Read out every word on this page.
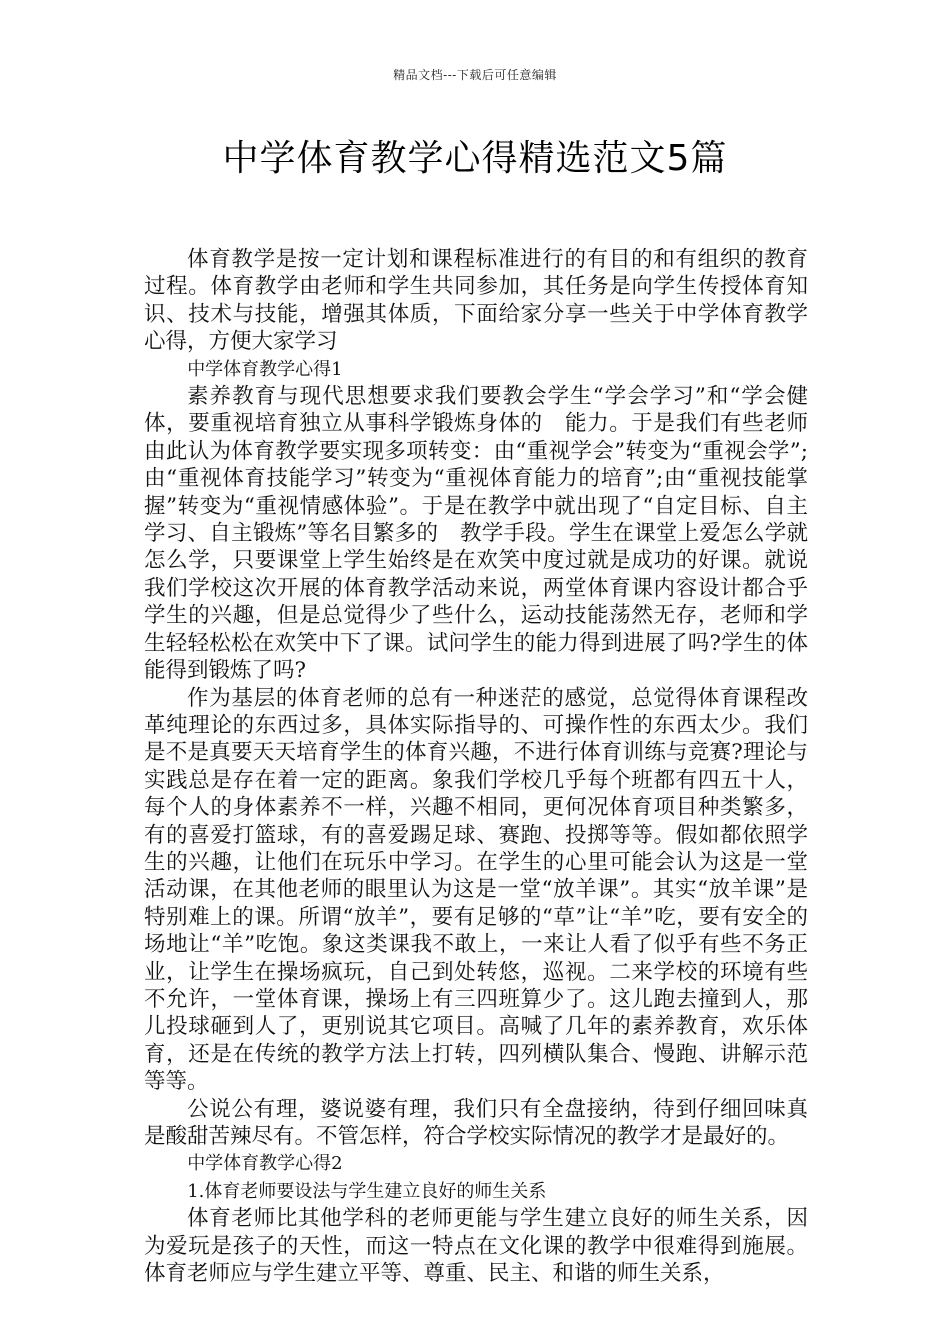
精品文档---下载后可任意编辑
中学体育教学心得精选范文5篇

体育教学是按一定计划和课程标准进行的有目的和有组织的教育过程。体育教学由老师和学生共同参加，其任务是向学生传授体育知识、技术与技能，增强其体质，下面给家分享一些关于中学体育教学心得，方便大家学习

中学体育教学心得1

素养教育与现代思想要求我们要教会学生“学会学习”和“学会健体，要重视培育独立从事科学锻炼身体的　能力。于是我们有些老师由此认为体育教学要实现多项转变：由“重视学会”转变为“重视会学”;由“重视体育技能学习”转变为“重视体育能力的培育”;由“重视技能掌握”转变为“重视情感体验”。于是在教学中就出现了“自定目标、自主学习、自主锻炼”等名目繁多的　教学手段。学生在课堂上爱怎么学就怎么学，只要课堂上学生始终是在欢笑中度过就是成功的好课。就说我们学校这次开展的体育教学活动来说，两堂体育课内容设计都合乎学生的兴趣，但是总觉得少了些什么，运动技能荡然无存，老师和学生轻轻松松在欢笑中下了课。试问学生的能力得到进展了吗?学生的体能得到锻炼了吗?

作为基层的体育老师的总有一种迷茫的感觉，总觉得体育课程改革纯理论的东西过多，具体实际指导的、可操作性的东西太少。我们是不是真要天天培育学生的体育兴趣，不进行体育训练与竞赛?理论与实践总是存在着一定的距离。象我们学校几乎每个班都有四五十人，每个人的身体素养不一样，兴趣不相同，更何况体育项目种类繁多，有的喜爱打篮球，有的喜爱踢足球、赛跑、投掷等等。假如都依照学生的兴趣，让他们在玩乐中学习。在学生的心里可能会认为这是一堂活动课，在其他老师的眼里认为这是一堂“放羊课”。其实“放羊课”是特别难上的课。所谓“放羊”，要有足够的“草”让“羊”吃，要有安全的场地让“羊”吃饱。象这类课我不敢上，一来让人看了似乎有些不务正业，让学生在操场疯玩，自己到处转悠，巡视。二来学校的环境有些不允许，一堂体育课，操场上有三四班算少了。这儿跑去撞到人，那儿投球砸到人了，更别说其它项目。高喊了几年的素养教育，欢乐体育，还是在传统的教学方法上打转，四列横队集合、慢跑、讲解示范等等。

公说公有理，婆说婆有理，我们只有全盘接纳，待到仔细回味真是酸甜苦辣尽有。不管怎样，符合学校实际情况的教学才是最好的。

中学体育教学心得2

1.体育老师要设法与学生建立良好的师生关系

体育老师比其他学科的老师更能与学生建立良好的师生关系，因为爱玩是孩子的天性，而这一特点在文化课的教学中很难得到施展。体育老师应与学生建立平等、尊重、民主、和谐的师生关系，
